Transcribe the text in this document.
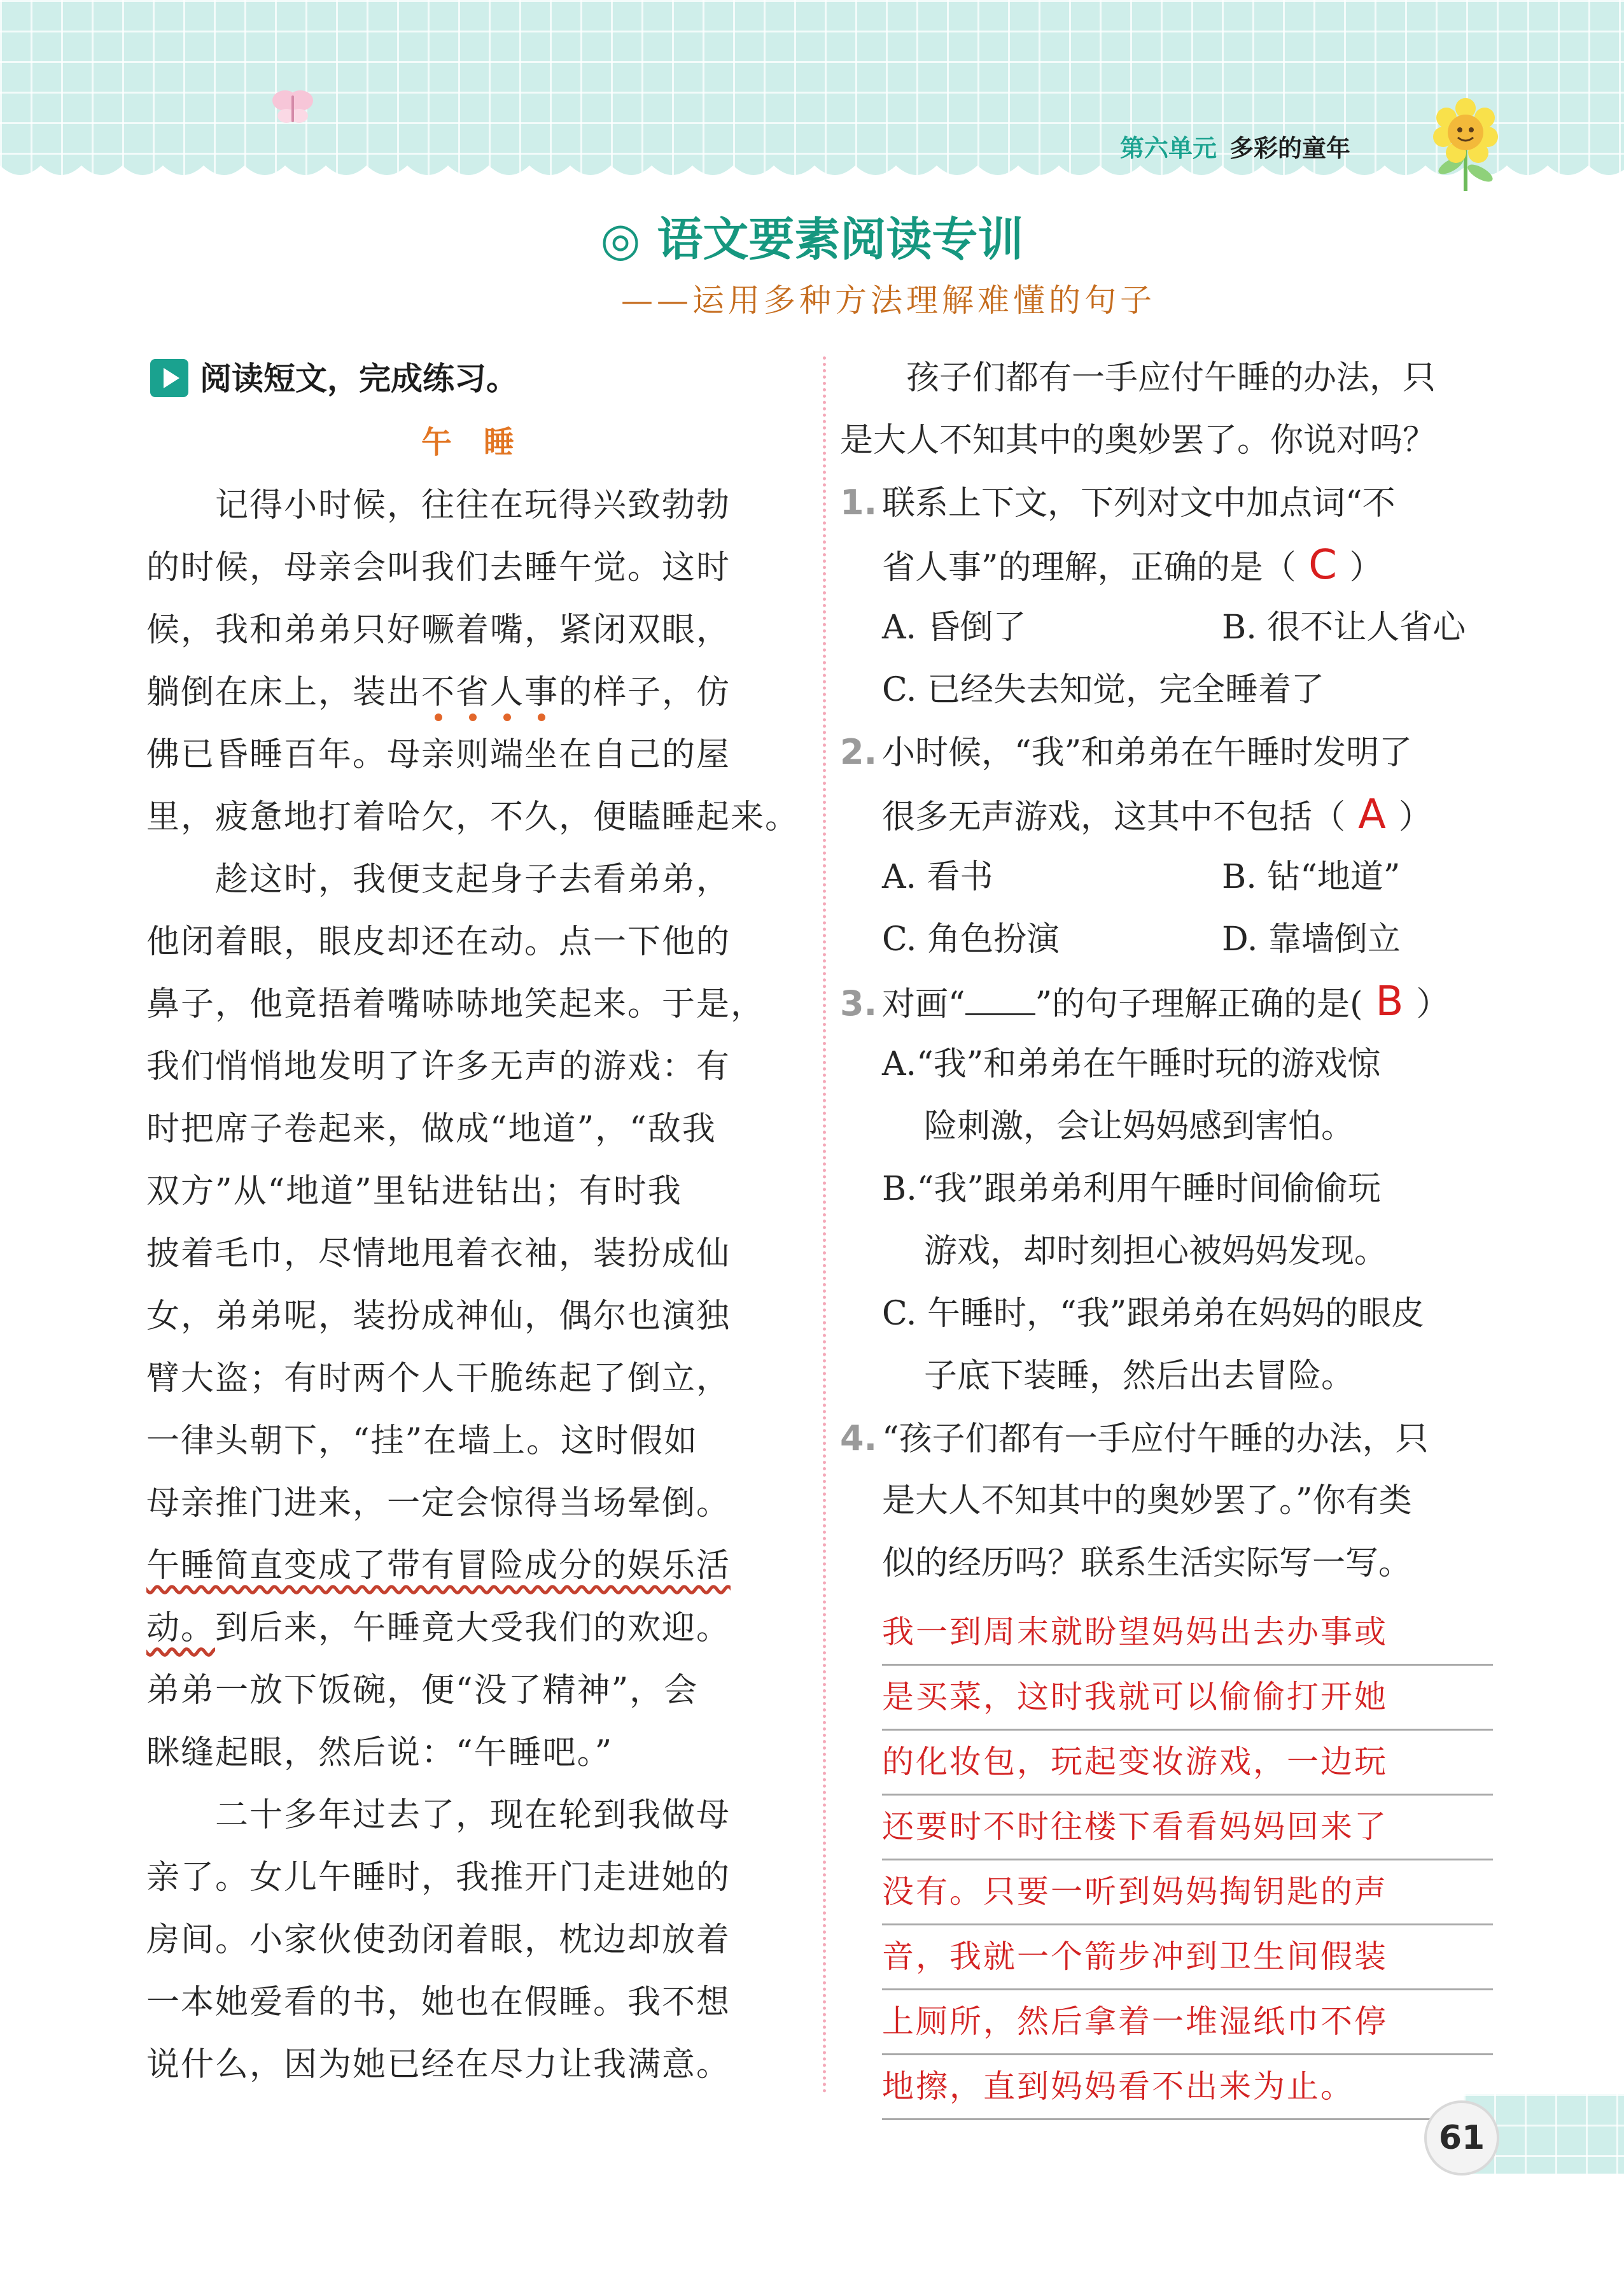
第六单元 多彩的童年
◎ 语文要素阅读专训
——运用多种方法理解难懂的句子
阅读短文，完成练习。
午睡
记得小时候，往往在玩得兴致勃勃
的时候，母亲会叫我们去睡午觉。这时
候，我和弟弟只好噘着嘴，紧闭双眼，
躺倒在床上，装出不省人事的样子，仿
佛已昏睡百年。母亲则端坐在自己的屋
里，疲惫地打着哈欠，不久，便瞌睡起来。
趁这时，我便支起身子去看弟弟，
他闭着眼，眼皮却还在动。点一下他的
鼻子，他竟捂着嘴哧哧地笑起来。于是，
我们悄悄地发明了许多无声的游戏：有
时把席子卷起来，做成“地道”，“敌我
双方”从“地道”里钻进钻出；有时我
披着毛巾，尽情地甩着衣袖，装扮成仙
女，弟弟呢，装扮成神仙，偶尔也演独
臂大盗；有时两个人干脆练起了倒立，
一律头朝下，“挂”在墙上。这时假如
母亲推门进来，一定会惊得当场晕倒。
午睡简直变成了带有冒险成分的娱乐活
动。到后来，午睡竟大受我们的欢迎。
弟弟一放下饭碗，便“没了精神”，会
眯缝起眼，然后说：“午睡吧。”
二十多年过去了，现在轮到我做母
亲了。女儿午睡时，我推开门走进她的
房间。小家伙使劲闭着眼，枕边却放着
一本她爱看的书，她也在假睡。我不想
说什么，因为她已经在尽力让我满意。
孩子们都有一手应付午睡的办法，只
是大人不知其中的奥妙罢了。你说对吗？
1. 联系上下文，下列对文中加点词“不
省人事”的理解，正确的是（ C ）
A. 昏倒了	B. 很不让人省心
C. 已经失去知觉，完全睡着了
2. 小时候，“我”和弟弟在午睡时发明了
很多无声游戏，这其中不包括（ A ）
A. 看书	B. 钻“地道”
C. 角色扮演	D. 靠墙倒立
3. 对画“ ”的句子理解正确的是( B ）
A.“我”和弟弟在午睡时玩的游戏惊
险刺激，会让妈妈感到害怕。
B.“我”跟弟弟利用午睡时间偷偷玩
游戏，却时刻担心被妈妈发现。
C. 午睡时，“我”跟弟弟在妈妈的眼皮
子底下装睡，然后出去冒险。
4. “孩子们都有一手应付午睡的办法，只
是大人不知其中的奥妙罢了。”你有类
似的经历吗？联系生活实际写一写。
我一到周末就盼望妈妈出去办事或
是买菜，这时我就可以偷偷打开她
的化妆包，玩起变妆游戏，一边玩
还要时不时往楼下看看妈妈回来了
没有。只要一听到妈妈掏钥匙的声
音，我就一个箭步冲到卫生间假装
上厕所，然后拿着一堆湿纸巾不停
地擦，直到妈妈看不出来为止。
61
